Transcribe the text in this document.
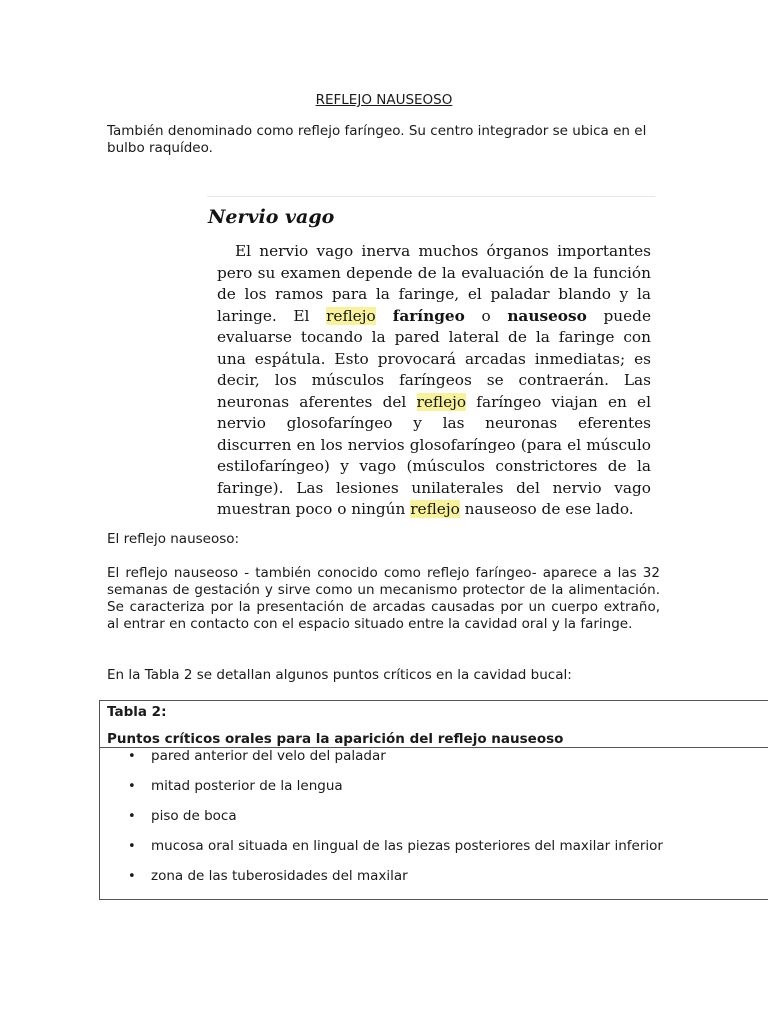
REFLEJO NAUSEOSO
También denominado como reflejo faríngeo. Su centro integrador se ubica en el bulbo raquídeo.
Nervio vago
El nervio vago inerva muchos órganos importantes pero su examen depende de la evaluación de la función de los ramos para la faringe, el paladar blando y la laringe. El reflejo faríngeo o nauseoso puede evaluarse tocando la pared lateral de la faringe con una espátula. Esto provocará arcadas inmediatas; es decir, los músculos faríngeos se contraerán. Las neuronas aferentes del reflejo faríngeo viajan en el nervio glosofaríngeo y las neuronas eferentes discurren en los nervios glosofaríngeo (para el músculo estilofaríngeo) y vago (músculos constrictores de la faringe). Las lesiones unilaterales del nervio vago muestran poco o ningún reflejo nauseoso de ese lado.
El reflejo nauseoso:
El reflejo nauseoso - también conocido como reflejo faríngeo- aparece a las 32 semanas de gestación y sirve como un mecanismo protector de la alimentación. Se caracteriza por la presentación de arcadas causadas por un cuerpo extraño, al entrar en contacto con el espacio situado entre la cavidad oral y la faringe.
En la Tabla 2 se detallan algunos puntos críticos en la cavidad bucal:
Tabla 2:
Puntos críticos orales para la aparición del reflejo nauseoso
• pared anterior del velo del paladar
• mitad posterior de la lengua
• piso de boca
• mucosa oral situada en lingual de las piezas posteriores del maxilar inferior
• zona de las tuberosidades del maxilar
